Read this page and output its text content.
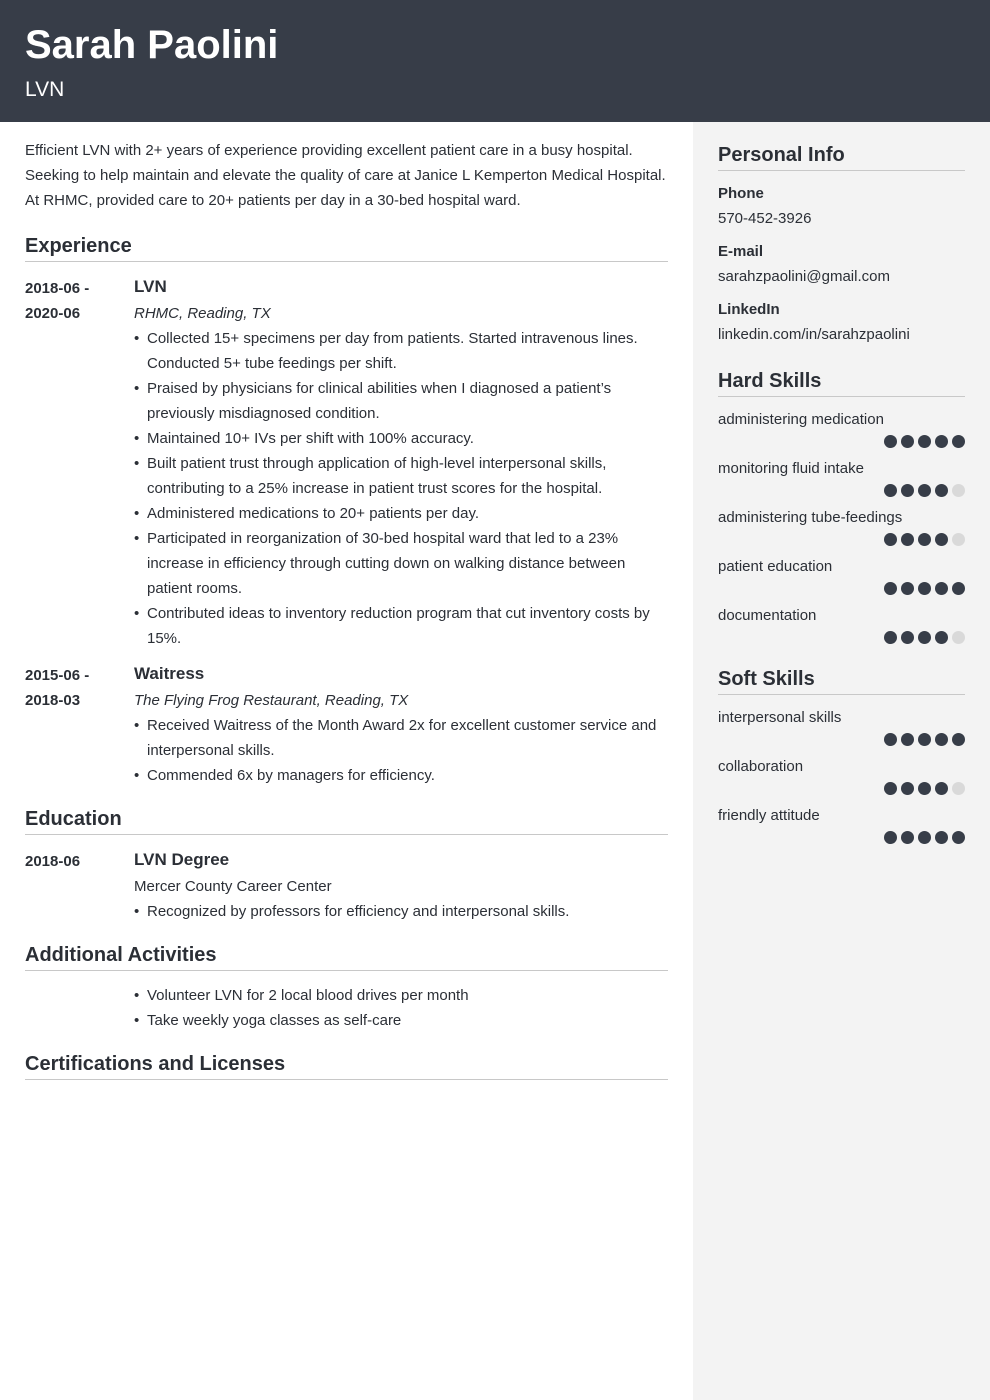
Sarah Paolini
LVN

Efficient LVN with 2+ years of experience providing excellent patient care in a busy hospital. Seeking to help maintain and elevate the quality of care at Janice L Kemperton Medical Hospital. At RHMC, provided care to 20+ patients per day in a 30-bed hospital ward.

Experience
2018-06 -
2020-06
LVN
RHMC, Reading, TX
• Collected 15+ specimens per day from patients. Started intravenous lines. Conducted 5+ tube feedings per shift.
• Praised by physicians for clinical abilities when I diagnosed a patient’s previously misdiagnosed condition.
• Maintained 10+ IVs per shift with 100% accuracy.
• Built patient trust through application of high-level interpersonal skills, contributing to a 25% increase in patient trust scores for the hospital.
• Administered medications to 20+ patients per day.
• Participated in reorganization of 30-bed hospital ward that led to a 23% increase in efficiency through cutting down on walking distance between patient rooms.
• Contributed ideas to inventory reduction program that cut inventory costs by 15%.
2015-06 -
2018-03
Waitress
The Flying Frog Restaurant, Reading, TX
• Received Waitress of the Month Award 2x for excellent customer service and interpersonal skills.
• Commended 6x by managers for efficiency.
Education
2018-06	LVN Degree
Mercer County Career Center
• Recognized by professors for efficiency and interpersonal skills.
Additional Activities
• Volunteer LVN for 2 local blood drives per month
• Take weekly yoga classes as self-care
Certifications and Licenses
Personal Info
Phone
570-452-3926
E-mail
sarahzpaolini@gmail.com
LinkedIn
linkedin.com/in/sarahzpaolini
Hard Skills
administering medication
monitoring fluid intake
administering tube-feedings
patient education
documentation
Soft Skills
interpersonal skills
collaboration
friendly attitude
